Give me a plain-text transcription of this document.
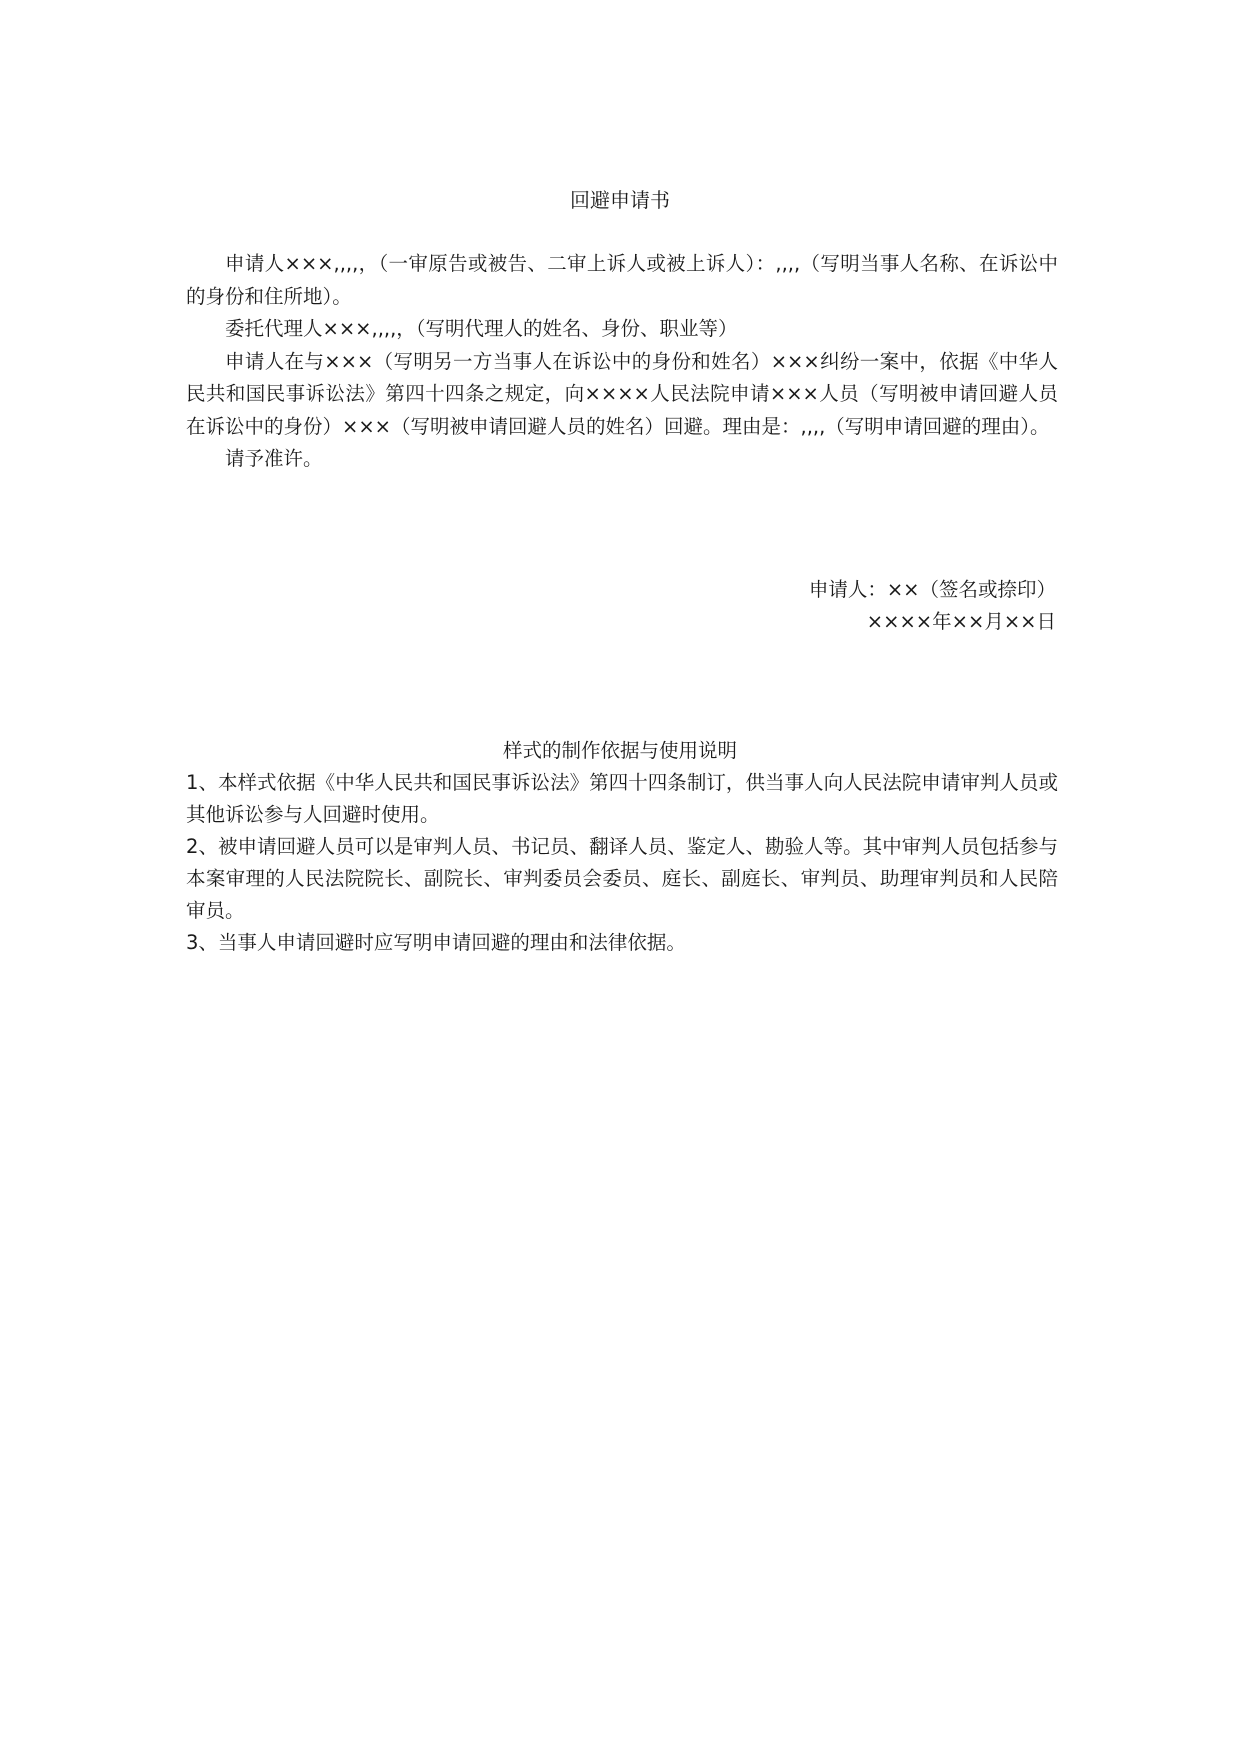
回避申请书

申请人×××,,,,，（一审原告或被告、二审上诉人或被上诉人）：,,,,（写明当事人名称、在诉讼中的身份和住所地）。

委托代理人×××,,,,，（写明代理人的姓名、身份、职业等）

申请人在与×××（写明另一方当事人在诉讼中的身份和姓名）×××纠纷一案中，依据《中华人民共和国民事诉讼法》第四十四条之规定，向××××人民法院申请×××人员（写明被申请回避人员在诉讼中的身份）×××（写明被申请回避人员的姓名）回避。理由是：,,,,（写明申请回避的理由）。

请予准许。

申请人：××（签名或捺印）
××××年××月××日
样式的制作依据与使用说明

1、本样式依据《中华人民共和国民事诉讼法》第四十四条制订，供当事人向人民法院申请审判人员或其他诉讼参与人回避时使用。

2、被申请回避人员可以是审判人员、书记员、翻译人员、鉴定人、勘验人等。其中审判人员包括参与本案审理的人民法院院长、副院长、审判委员会委员、庭长、副庭长、审判员、助理审判员和人民陪审员。

3、当事人申请回避时应写明申请回避的理由和法律依据。
